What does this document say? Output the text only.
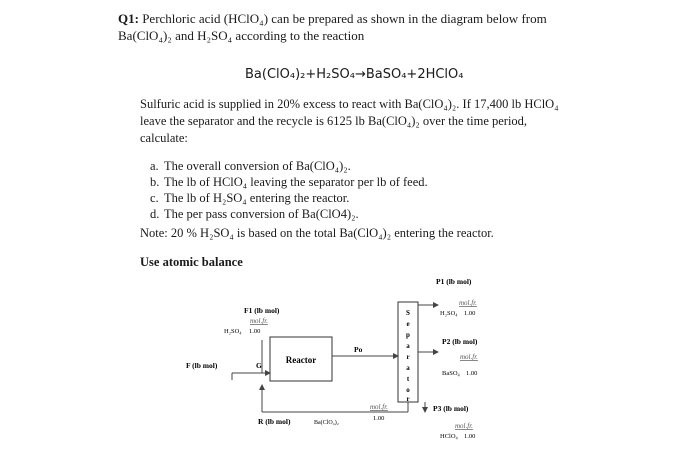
Q1: Perchloric acid (HClO₄) can be prepared as shown in the diagram below from
Ba(ClO₄)₂ and H₂SO₄ according to the reaction
Ba(ClO₄)₂+H₂SO₄→BaSO₄+2HClO₄
Sulfuric acid is supplied in 20% excess to react with Ba(ClO₄)₂. If 17,400 lb HClO₄
leave the separator and the recycle is 6125 lb Ba(ClO₄)₂ over the time period,
calculate:
a. The overall conversion of Ba(ClO₄)₂.
b. The lb of HClO₄ leaving the separator per lb of feed.
c. The lb of H₂SO₄ entering the reactor.
d. The per pass conversion of Ba(ClO4)₂.
Note: 20 % H₂SO₄ is based on the total Ba(ClO₄)₂ entering the reactor.
Use atomic balance
Reactor
S
e
p
a
r
a
t
o
r
F1 (lb mol)
mol.fr.
H₂SO₄ 1.00
F (lb mol)	G
Po
R (lb mol)	Ba(ClO₄)₂
mol.fr.
1.00
P1 (lb mol)
mol.fr.
H₂SO₄ 1.00
P2 (lb mol)
mol.fr.
BaSO₄ 1.00
P3 (lb mol)
mol.fr.
HClO₄ 1.00
